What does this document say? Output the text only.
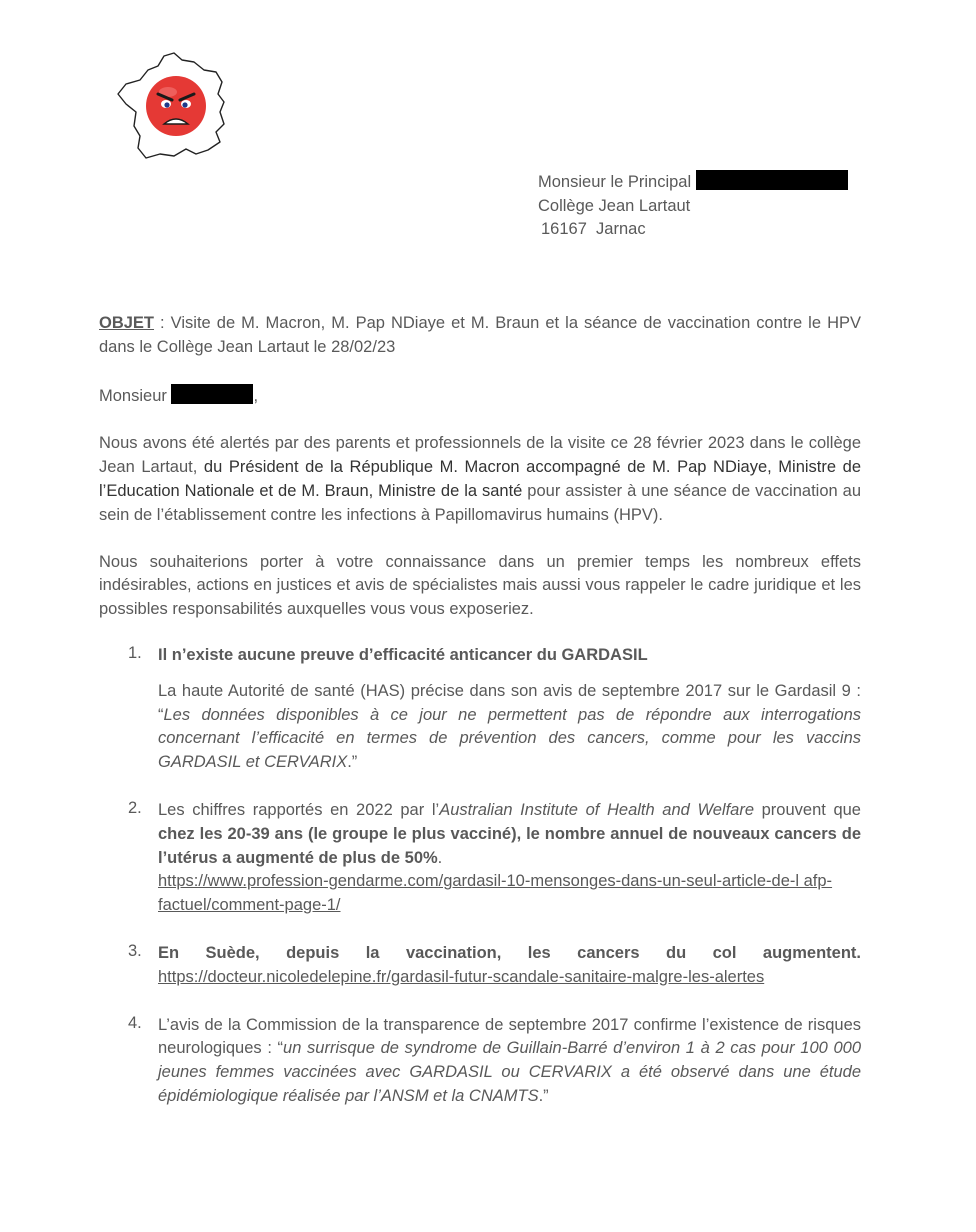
Monsieur le Principal
Collège Jean Lartaut
16167  Jarnac

OBJET : Visite de M. Macron, M. Pap NDiaye et M. Braun et la séance de vaccination contre le HPV dans le Collège Jean Lartaut le 28/02/23

Monsieur	,

Nous avons été alertés par des parents et professionnels de la visite ce 28 février 2023 dans le collège Jean Lartaut, du Président de la République M. Macron accompagné de M. Pap NDiaye, Ministre de l’Education Nationale et de M. Braun, Ministre de la santé pour assister à une séance de vaccination au sein de l’établissement contre les infections à Papillomavirus humains (HPV).

Nous souhaiterions porter à votre connaissance dans un premier temps les nombreux effets indésirables, actions en justices et avis de spécialistes mais aussi vous rappeler le cadre juridique et les possibles responsabilités auxquelles vous vous exposeriez.

1. Il n’existe aucune preuve d’efficacité anticancer du GARDASIL

La haute Autorité de santé (HAS) précise dans son avis de septembre 2017 sur le Gardasil 9 : “Les données disponibles à ce jour ne permettent pas de répondre aux interrogations concernant l’efficacité en termes de prévention des cancers, comme pour les vaccins GARDASIL et CERVARIX.”

2. Les chiffres rapportés en 2022 par l’Australian Institute of Health and Welfare prouvent que chez les 20-39 ans (le groupe le plus vacciné), le nombre annuel de nouveaux cancers de l’utérus a augmenté de plus de 50%.

https://www.profession-gendarme.com/gardasil-10-mensonges-dans-un-seul-article-de-l afp-factuel/comment-page-1/

3. En Suède, depuis la vaccination, les cancers du col augmentent.

https://docteur.nicoledelepine.fr/gardasil-futur-scandale-sanitaire-malgre-les-alertes

4. L’avis de la Commission de la transparence de septembre 2017 confirme l’existence de risques neurologiques : “un surrisque de syndrome de Guillain-Barré d’environ 1 à 2 cas pour 100 000 jeunes femmes vaccinées avec GARDASIL ou CERVARIX a été observé dans une étude épidémiologique réalisée par l’ANSM et la CNAMTS.”
